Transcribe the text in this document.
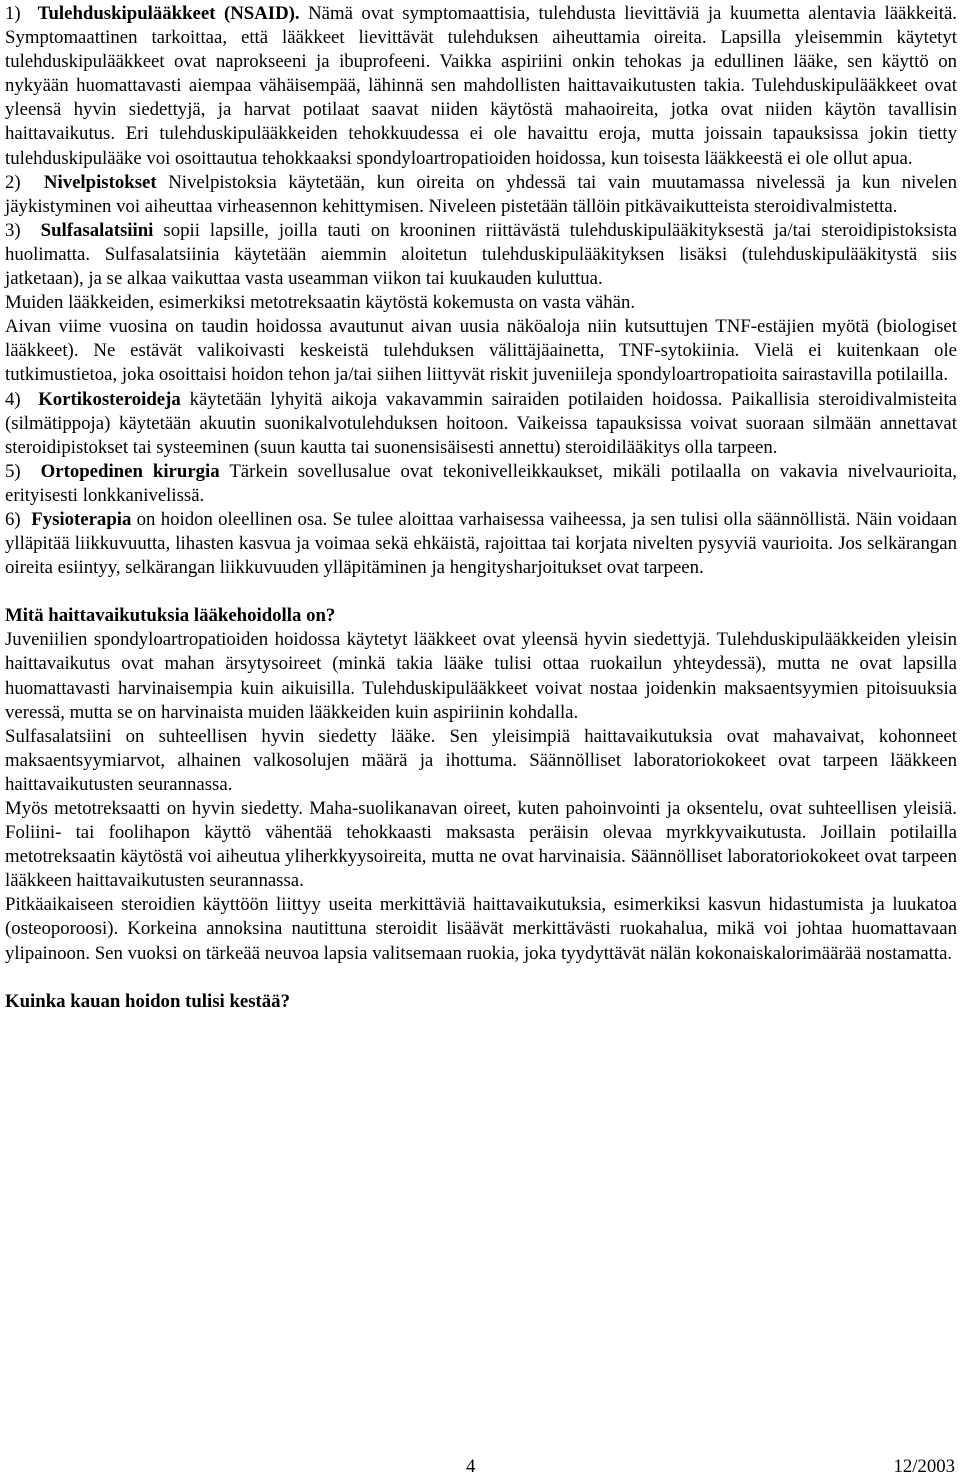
1) Tulehduskipulääkkeet (NSAID). Nämä ovat symptomaattisia, tulehdusta lievittäviä ja kuumetta alentavia lääkkeitä. Symptomaattinen tarkoittaa, että lääkkeet lievittävät tulehduksen aiheuttamia oireita. Lapsilla yleisemmin käytetyt tulehduskipulääkkeet ovat naprokseeni ja ibuprofeeni. Vaikka aspiriini onkin tehokas ja edullinen lääke, sen käyttö on nykyään huomattavasti aiempaa vähäisempää, lähinnä sen mahdollisten haittavaikutusten takia. Tulehduskipulääkkeet ovat yleensä hyvin siedettyjä, ja harvat potilaat saavat niiden käytöstä mahaoireita, jotka ovat niiden käytön tavallisin haittavaikutus. Eri tulehduskipulääkkeiden tehokkuudessa ei ole havaittu eroja, mutta joissain tapauksissa jokin tietty tulehduskipulääke voi osoittautua tehokkaaksi spondyloartropatioiden hoidossa, kun toisesta lääkkeestä ei ole ollut apua.

2) Nivelpistokset Nivelpistoksia käytetään, kun oireita on yhdessä tai vain muutamassa nivelessä ja kun nivelen jäykistyminen voi aiheuttaa virheasennon kehittymisen. Niveleen pistetään tällöin pitkävaikutteista steroidivalmistetta.

3) Sulfasalatsiini sopii lapsille, joilla tauti on krooninen riittävästä tulehduskipulääkityksestä ja/tai steroidipistoksista huolimatta. Sulfasalatsiinia käytetään aiemmin aloitetun tulehduskipulääkityksen lisäksi (tulehduskipulääkitystä siis jatketaan), ja se alkaa vaikuttaa vasta useamman viikon tai kuukauden kuluttua.

Muiden lääkkeiden, esimerkiksi metotreksaatin käytöstä kokemusta on vasta vähän.

Aivan viime vuosina on taudin hoidossa avautunut aivan uusia näköaloja niin kutsuttujen TNF-estäjien myötä (biologiset lääkkeet). Ne estävät valikoivasti keskeistä tulehduksen välittäjäainetta, TNF-sytokiinia. Vielä ei kuitenkaan ole tutkimustietoa, joka osoittaisi hoidon tehon ja/tai siihen liittyvät riskit juveniileja spondyloartropatioita sairastavilla potilailla.

4) Kortikosteroideja käytetään lyhyitä aikoja vakavammin sairaiden potilaiden hoidossa. Paikallisia steroidivalmisteita (silmätippoja) käytetään akuutin suonikalvotulehduksen hoitoon. Vaikeissa tapauksissa voivat suoraan silmään annettavat steroidipistokset tai systeeminen (suun kautta tai suonensisäisesti annettu) steroidilääkitys olla tarpeen.

5) Ortopedinen kirurgia Tärkein sovellusalue ovat tekonivelleikkaukset, mikäli potilaalla on vakavia nivelvaurioita, erityisesti lonkkanivelissä.

6) Fysioterapia on hoidon oleellinen osa. Se tulee aloittaa varhaisessa vaiheessa, ja sen tulisi olla säännöllistä. Näin voidaan ylläpitää liikkuvuutta, lihasten kasvua ja voimaa sekä ehkäistä, rajoittaa tai korjata nivelten pysyviä vaurioita. Jos selkärangan oireita esiintyy, selkärangan liikkuvuuden ylläpitäminen ja hengitysharjoitukset ovat tarpeen.

Mitä haittavaikutuksia lääkehoidolla on?

Juveniilien spondyloartropatioiden hoidossa käytetyt lääkkeet ovat yleensä hyvin siedettyjä. Tulehduskipulääkkeiden yleisin haittavaikutus ovat mahan ärsytysoireet (minkä takia lääke tulisi ottaa ruokailun yhteydessä), mutta ne ovat lapsilla huomattavasti harvinaisempia kuin aikuisilla. Tulehduskipulääkkeet voivat nostaa joidenkin maksaentsyymien pitoisuuksia veressä, mutta se on harvinaista muiden lääkkeiden kuin aspiriinin kohdalla.

Sulfasalatsiini on suhteellisen hyvin siedetty lääke. Sen yleisimpiä haittavaikutuksia ovat mahavaivat, kohonneet maksaentsyymiarvot, alhainen valkosolujen määrä ja ihottuma. Säännölliset laboratoriokokeet ovat tarpeen lääkkeen haittavaikutusten seurannassa.

Myös metotreksaatti on hyvin siedetty. Maha-suolikanavan oireet, kuten pahoinvointi ja oksentelu, ovat suhteellisen yleisiä. Foliini- tai foolihapon käyttö vähentää tehokkaasti maksasta peräisin olevaa myrkkyvaikutusta. Joillain potilailla metotreksaatin käytöstä voi aiheutua yliherkkyysoireita, mutta ne ovat harvinaisia. Säännölliset laboratoriokokeet ovat tarpeen lääkkeen haittavaikutusten seurannassa.

Pitkäaikaiseen steroidien käyttöön liittyy useita merkittäviä haittavaikutuksia, esimerkiksi kasvun hidastumista ja luukatoa (osteoporoosi). Korkeina annoksina nautittuna steroidit lisäävät merkittävästi ruokahalua, mikä voi johtaa huomattavaan ylipainoon. Sen vuoksi on tärkeää neuvoa lapsia valitsemaan ruokia, joka tyydyttävät nälän kokonaiskalorimäärää nostamatta.

Kuinka kauan hoidon tulisi kestää?

4	12/2003
